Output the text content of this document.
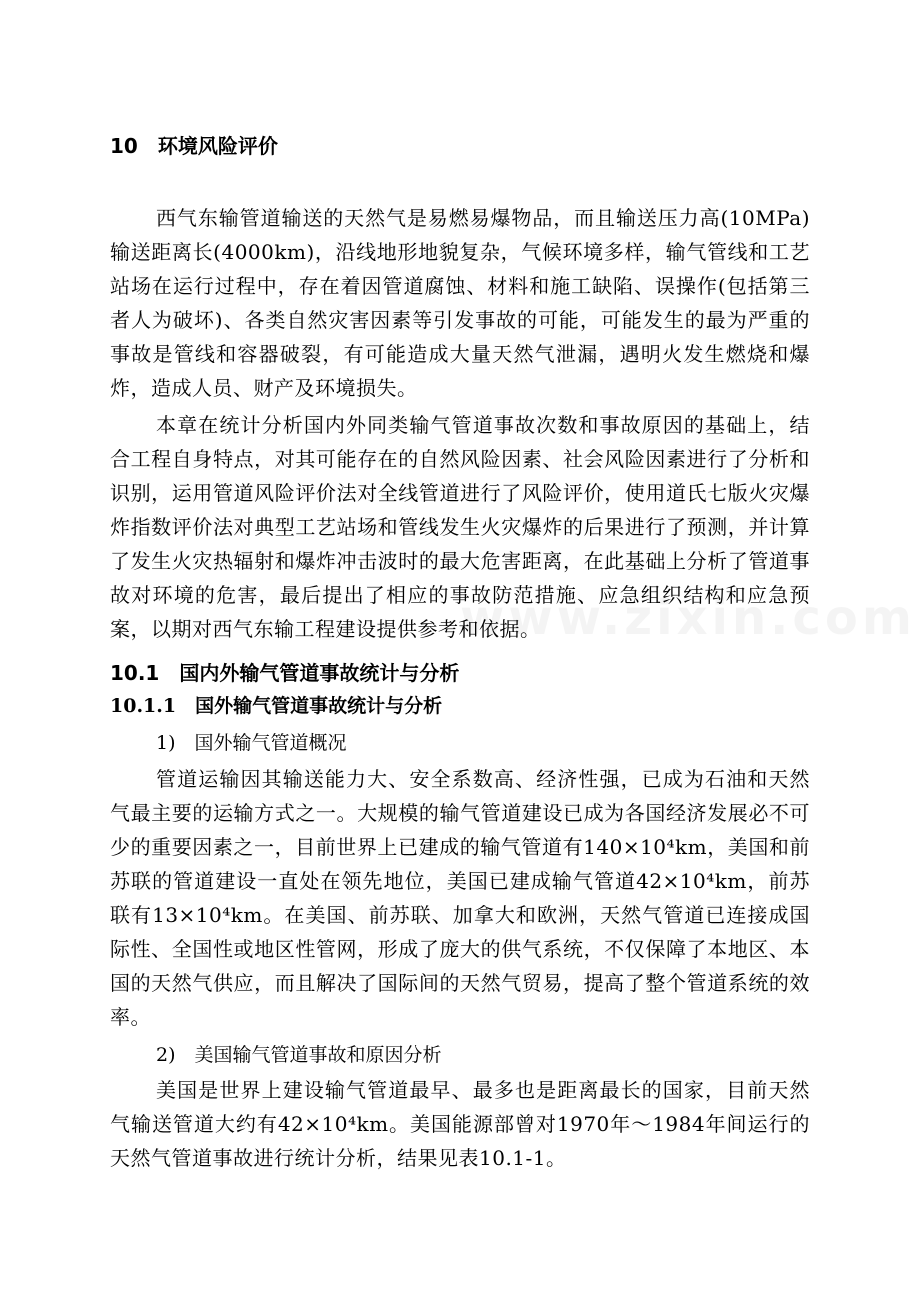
10　环境风险评价

西气东输管道输送的天然气是易燃易爆物品，而且输送压力高(10MPa)输送距离长(4000km)，沿线地形地貌复杂，气候环境多样，输气管线和工艺站场在运行过程中，存在着因管道腐蚀、材料和施工缺陷、误操作(包括第三者人为破坏)、各类自然灾害因素等引发事故的可能，可能发生的最为严重的事故是管线和容器破裂，有可能造成大量天然气泄漏，遇明火发生燃烧和爆炸，造成人员、财产及环境损失。

本章在统计分析国内外同类输气管道事故次数和事故原因的基础上，结合工程自身特点，对其可能存在的自然风险因素、社会风险因素进行了分析和识别，运用管道风险评价法对全线管道进行了风险评价，使用道氏七版火灾爆炸指数评价法对典型工艺站场和管线发生火灾爆炸的后果进行了预测，并计算了发生火灾热辐射和爆炸冲击波时的最大危害距离，在此基础上分析了管道事故对环境的危害，最后提出了相应的事故防范措施、应急组织结构和应急预案，以期对西气东输工程建设提供参考和依据。

10.1　国内外输气管道事故统计与分析
10.1.1　国外输气管道事故统计与分析

1)　国外输气管道概况

管道运输因其输送能力大、安全系数高、经济性强，已成为石油和天然气最主要的运输方式之一。大规模的输气管道建设已成为各国经济发展必不可少的重要因素之一，目前世界上已建成的输气管道有140×10⁴km，美国和前苏联的管道建设一直处在领先地位，美国已建成输气管道42×10⁴km，前苏联有13×10⁴km。在美国、前苏联、加拿大和欧洲，天然气管道已连接成国际性、全国性或地区性管网，形成了庞大的供气系统，不仅保障了本地区、本国的天然气供应，而且解决了国际间的天然气贸易，提高了整个管道系统的效率。

2)　美国输气管道事故和原因分析

美国是世界上建设输气管道最早、最多也是距离最长的国家，目前天然气输送管道大约有42×10⁴km。美国能源部曾对1970年～1984年间运行的天然气管道事故进行统计分析，结果见表10.1-1。
